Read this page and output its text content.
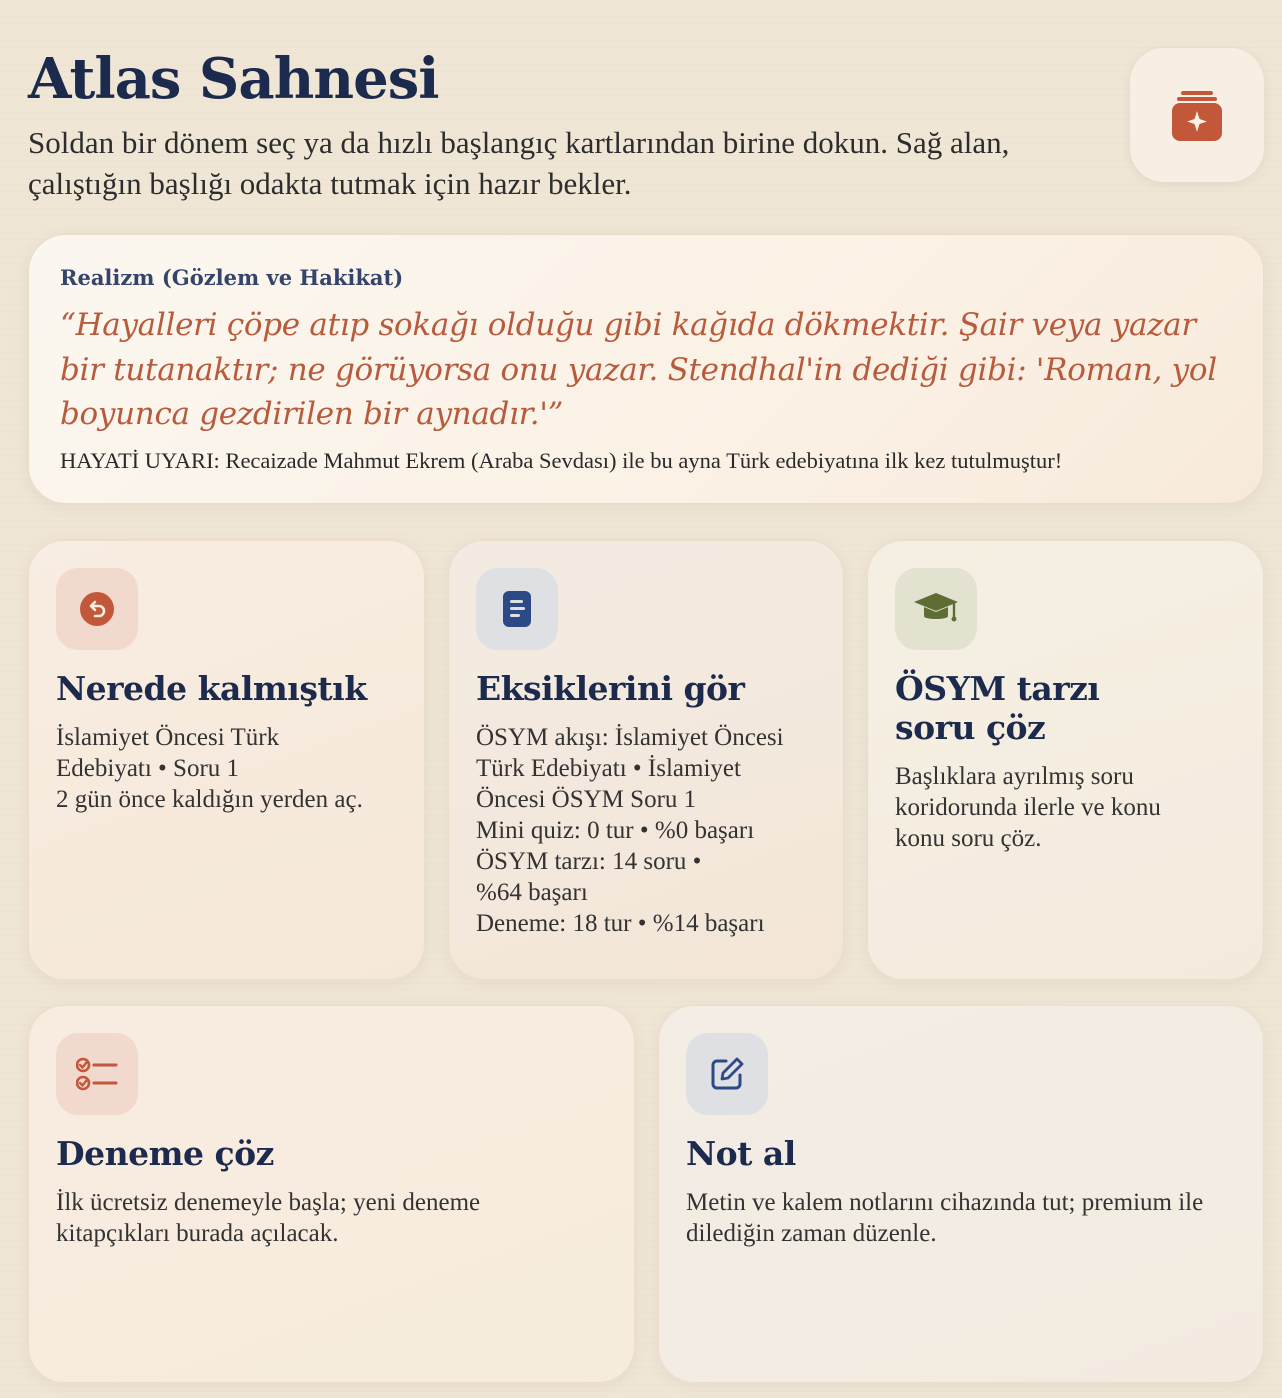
Atlas Sahnesi
Soldan bir dönem seç ya da hızlı başlangıç kartlarından birine dokun. Sağ alan, çalıştığın başlığı odakta tutmak için hazır bekler.
Realizm (Gözlem ve Hakikat)
“Hayalleri çöpe atıp sokağı olduğu gibi kağıda dökmektir. Şair veya yazar bir tutanaktır; ne görüyorsa onu yazar. Stendhal'in dediği gibi: 'Roman, yol boyunca gezdirilen bir aynadır.'”
HAYATİ UYARI: Recaizade Mahmut Ekrem (Araba Sevdası) ile bu ayna Türk edebiyatına ilk kez tutulmuştur!
Nerede kalmıştık
İslamiyet Öncesi Türk Edebiyatı • Soru 1
2 gün önce kaldığın yerden aç.
Eksiklerini gör
ÖSYM akışı: İslamiyet Öncesi Türk Edebiyatı • İslamiyet Öncesi ÖSYM Soru 1
Mini quiz: 0 tur • %0 başarı
ÖSYM tarzı: 14 soru • %64 başarı
Deneme: 18 tur • %14 başarı
ÖSYM tarzı soru çöz
Başlıklara ayrılmış soru koridorunda ilerle ve konu konu soru çöz.
Deneme çöz
İlk ücretsiz denemeyle başla; yeni deneme kitapçıkları burada açılacak.
Not al
Metin ve kalem notlarını cihazında tut; premium ile dilediğin zaman düzenle.
